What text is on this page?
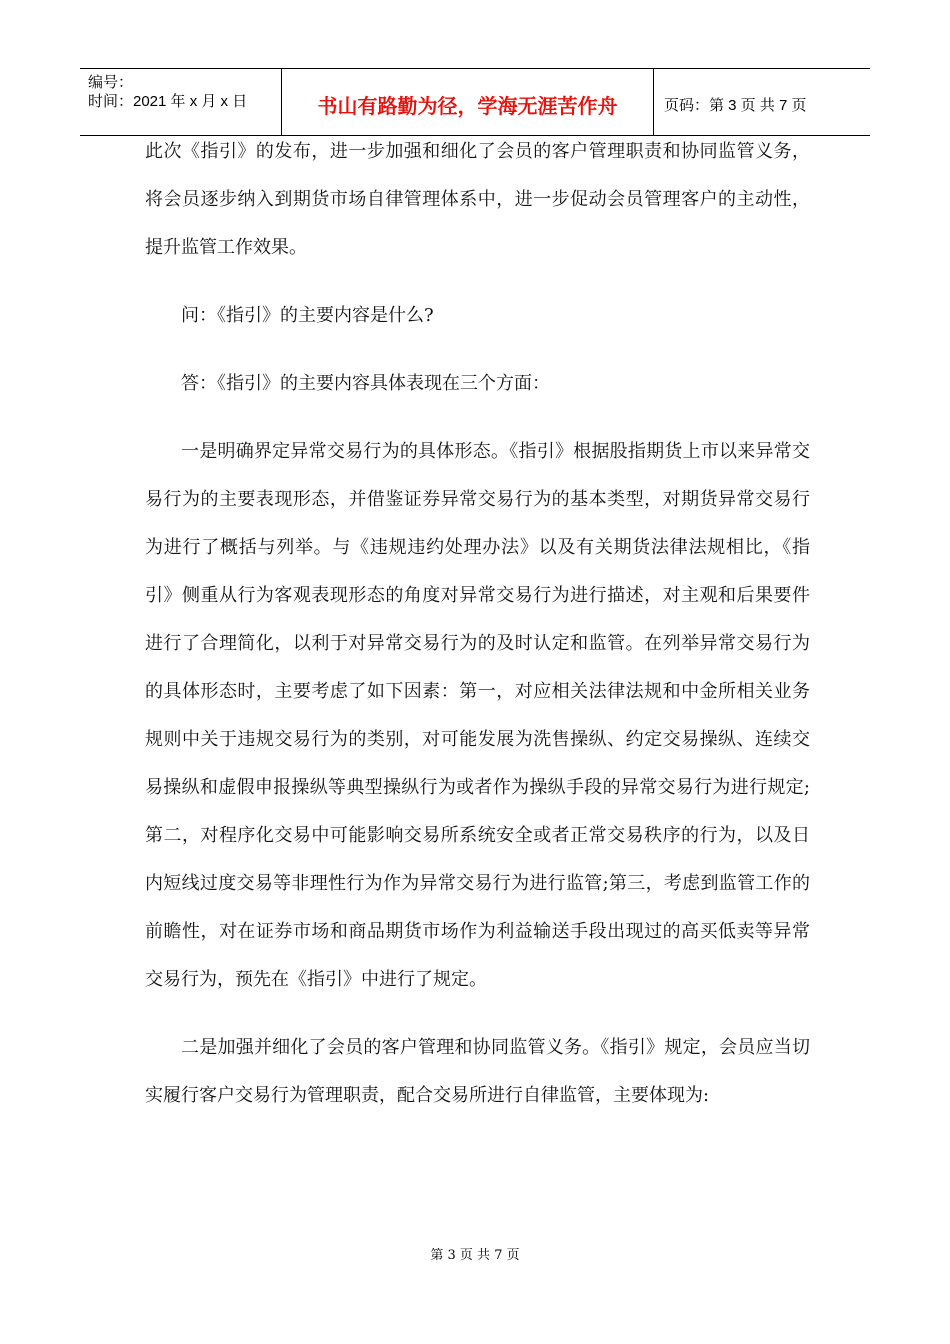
编号：
时间：2021 年 x 月 x 日	书山有路勤为径，学海无涯苦作舟	页码：第 3 页 共 7 页

此次《指引》的发布，进一步加强和细化了会员的客户管理职责和协同监管义务，将会员逐步纳入到期货市场自律管理体系中，进一步促动会员管理客户的主动性，提升监管工作效果。

问：《指引》的主要内容是什么?

答：《指引》的主要内容具体表现在三个方面：

一是明确界定异常交易行为的具体形态。《指引》根据股指期货上市以来异常交易行为的主要表现形态，并借鉴证券异常交易行为的基本类型，对期货异常交易行为进行了概括与列举。与《违规违约处理办法》以及有关期货法律法规相比，《指引》侧重从行为客观表现形态的角度对异常交易行为进行描述，对主观和后果要件进行了合理简化，以利于对异常交易行为的及时认定和监管。在列举异常交易行为的具体形态时，主要考虑了如下因素：第一，对应相关法律法规和中金所相关业务规则中关于违规交易行为的类别，对可能发展为洗售操纵、约定交易操纵、连续交易操纵和虚假申报操纵等典型操纵行为或者作为操纵手段的异常交易行为进行规定;第二，对程序化交易中可能影响交易所系统安全或者正常交易秩序的行为，以及日内短线过度交易等非理性行为作为异常交易行为进行监管;第三，考虑到监管工作的前瞻性，对在证券市场和商品期货市场作为利益输送手段出现过的高买低卖等异常交易行为，预先在《指引》中进行了规定。

二是加强并细化了会员的客户管理和协同监管义务。《指引》规定，会员应当切实履行客户交易行为管理职责，配合交易所进行自律监管，主要体现为:

第 3 页 共 7 页
